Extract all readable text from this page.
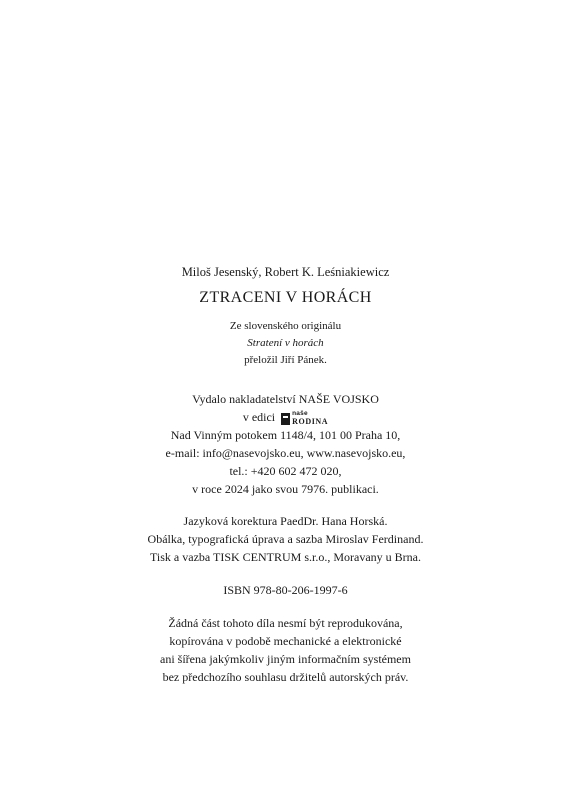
Miloš Jesenský, Robert K. Leśniakiewicz
ZTRACENI V HORÁCH
Ze slovenského originálu
Stratení v horách
přeložil Jiří Pánek.
Vydalo nakladatelství NAŠE VOJSKO
v edici	naše
RODINA
Nad Vinným potokem 1148/4, 101 00 Praha 10,
e-mail: info@nasevojsko.eu, www.nasevojsko.eu,
tel.: +420 602 472 020,
v roce 2024 jako svou 7976. publikaci.
Jazyková korektura PaedDr. Hana Horská.
Obálka, typografická úprava a sazba Miroslav Ferdinand.
Tisk a vazba TISK CENTRUM s.r.o., Moravany u Brna.
ISBN 978-80-206-1997-6
Žádná část tohoto díla nesmí být reprodukována,
kopírována v podobě mechanické a elektronické
ani šířena jakýmkoliv jiným informačním systémem
bez předchozího souhlasu držitelů autorských práv.
